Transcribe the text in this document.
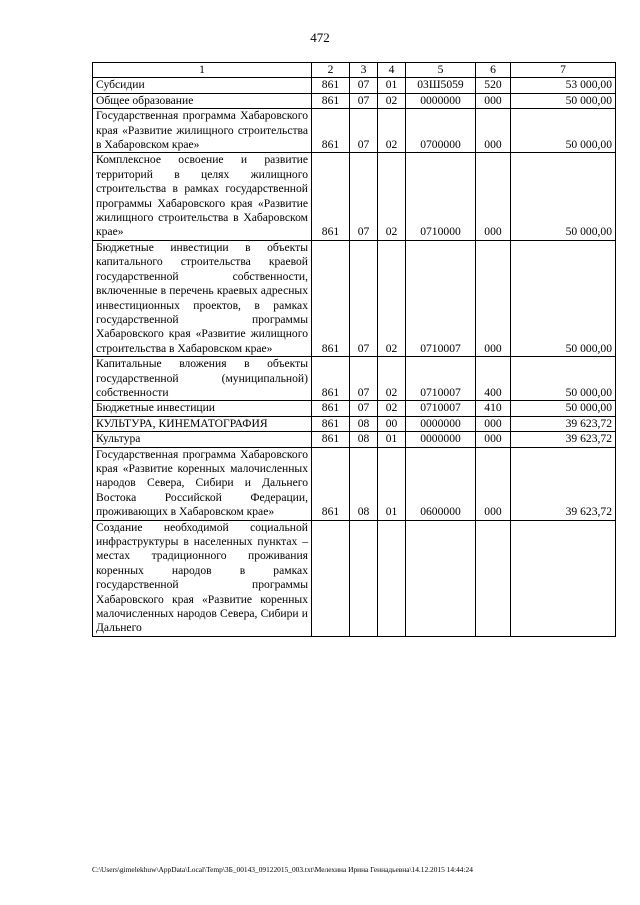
472
1	2	3	4	5	6	7
Субсидии	861	07	01	03Ш5059	520	53 000,00
Общее образование	861	07	02	0000000	000	50 000,00
Государственная программа Хабаровского края «Развитие жилищного строительства в Хабаровском крае»	861	07	02	0700000	000	50 000,00
Комплексное освоение и развитие территорий в целях жилищного строительства в рамках государственной программы Хабаровского края «Развитие жилищного строительства в Хабаровском крае»	861	07	02	0710000	000	50 000,00
Бюджетные инвестиции в объекты капитального строительства краевой государственной собственности, включенные в перечень краевых адресных инвестиционных проектов, в рамках государственной программы Хабаровского края «Развитие жилищного строительства в Хабаровском крае»	861	07	02	0710007	000	50 000,00
Капитальные вложения в объекты государственной (муниципальной) собственности	861	07	02	0710007	400	50 000,00
Бюджетные инвестиции	861	07	02	0710007	410	50 000,00
КУЛЬТУРА, КИНЕМАТОГРАФИЯ	861	08	00	0000000	000	39 623,72
Культура	861	08	01	0000000	000	39 623,72
Государственная программа Хабаровского края «Развитие коренных малочисленных народов Севера, Сибири и Дальнего Востока Российской Федерации, проживающих в Хабаровском крае»	861	08	01	0600000	000	39 623,72
Создание необходимой социальной инфраструктуры в населенных пунктах – местах традиционного проживания коренных народов в рамках государственной программы Хабаровского края «Развитие коренных малочисленных народов Севера, Сибири и Дальнего						
C:\Users\gimelekhuw\AppData\Local\Temp\3Б_00143_09122015_003.txt\Мелехина Ирина Геннадьевна\14.12.2015 14:44:24
